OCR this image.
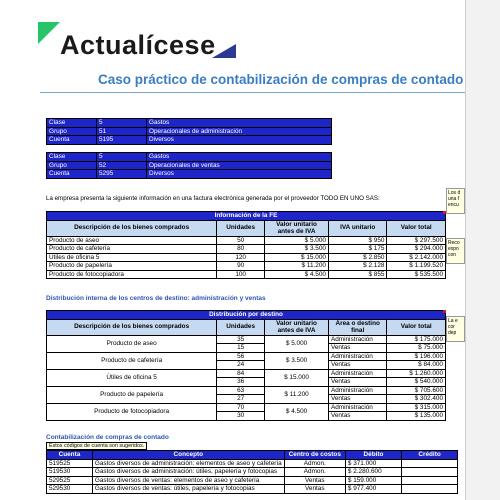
Actualícese
Caso práctico de contabilización de compras de contado
Clase	5	Gastos
Grupo	51	Operacionales de administración
Cuenta	5195	Diversos
Clase	5	Gastos
Grupo	52	Operacionales de ventas
Cuenta	5295	Diversos
La empresa presenta la siguiente información en una factura electrónica generada por el proveedor TODO EN UNO SAS:
Información de la FE				
Descripción de los bienes comprados	Unidades	Valor unitario antes de IVA	IVA unitario	Valor total
Producto de aseo	50	$ 5.000	$ 950	$ 297.500
Producto de cafetería	80	$ 3.500	$ 175	$ 294.000
Útiles de oficina 5	120	$ 15.000	$ 2.850	$ 2.142.000
Producto de papelería	90	$ 11.200	$ 2.128	$ 1.199.520
Producto de fotocopiadora	100	$ 4.500	$ 855	$ 535.500
Distribución interna de los centros de destino: administración y ventas
Distribución por destino				
Descripción de los bienes comprados	Unidades	Valor unitario antes de IVA	Área o destino final	Valor total
Producto de aseo	35	$ 5.000	Administración	$ 175.000
	15		Ventas	$ 75.000
Producto de cafetería	56	$ 3.500	Administración	$ 196.000
	24		Ventas	$ 84.000
Útiles de oficina 5	84	$ 15.000	Administración	$ 1.260.000
	36		Ventas	$ 540.000
Producto de papelería	63	$ 11.200	Administración	$ 705.600
	27		Ventas	$ 302.400
Producto de fotocopiadora	70	$ 4.500	Administración	$ 315.000
	30		Ventas	$ 135.000
Contabilización de compras de contado
Estos códigos de cuenta son sugeridos.
Cuenta	Concepto	Centro de costos	Débito	Crédito
519525	Gastos diversos de administración: elementos de aseo y cafetería	Admon.	$ 371.000	
519530	Gastos diversos de administración: útiles, papelería y fotocopias	Admon.	$ 2.280.600	
529525	Gastos diversos de ventas: elementos de aseo y cafetería	Ventas	$ 159.000	
529530	Gastos diversos de ventas: útiles, papelería y fotocopias	Ventas	$ 977.400	
Los d una f encu
Reco expo con
La e cor dep
